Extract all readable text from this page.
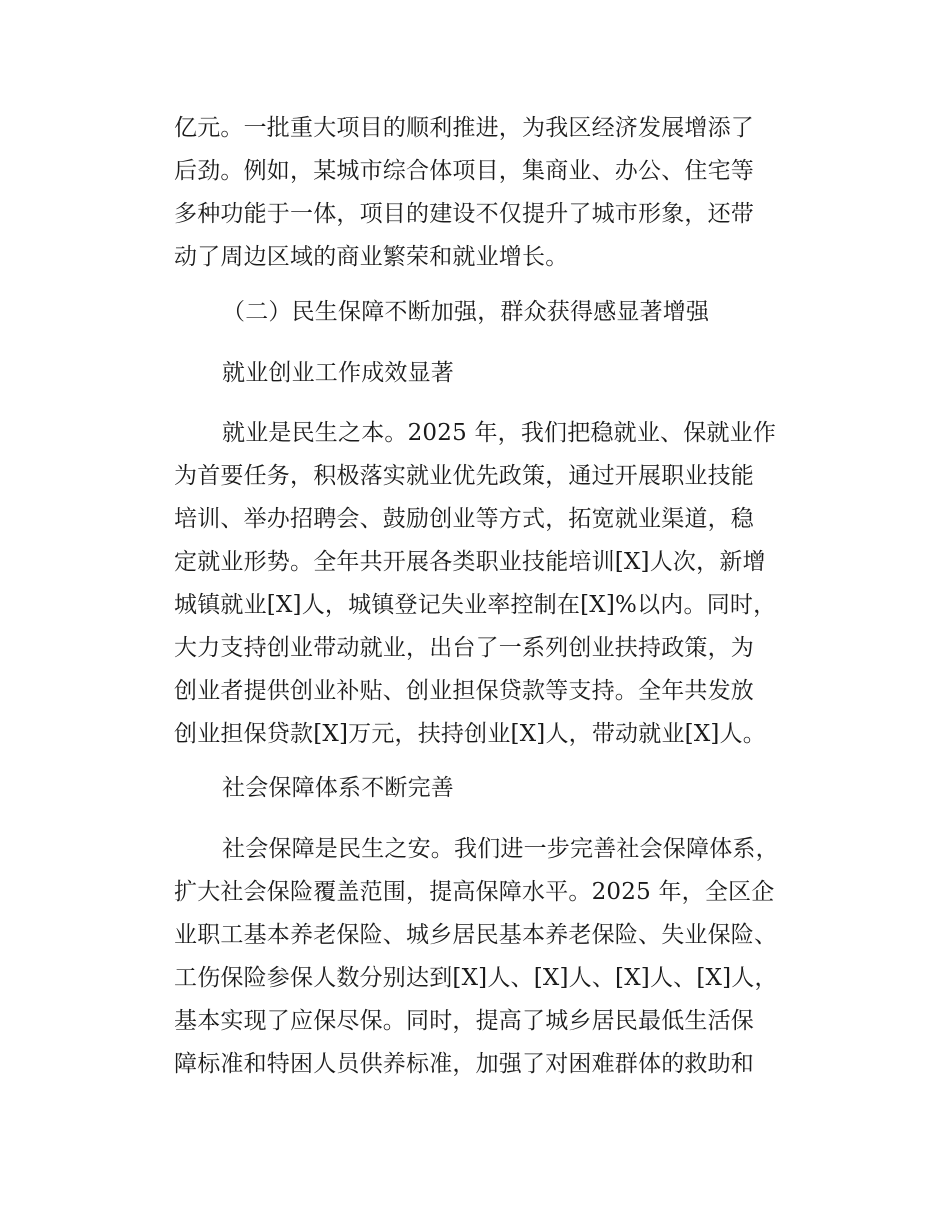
亿元。一批重大项目的顺利推进，为我区经济发展增添了
后劲。例如，某城市综合体项目，集商业、办公、住宅等
多种功能于一体，项目的建设不仅提升了城市形象，还带
动了周边区域的商业繁荣和就业增长。
（二）民生保障不断加强，群众获得感显著增强
就业创业工作成效显著
就业是民生之本。2025 年，我们把稳就业、保就业作
为首要任务，积极落实就业优先政策，通过开展职业技能
培训、举办招聘会、鼓励创业等方式，拓宽就业渠道，稳
定就业形势。全年共开展各类职业技能培训[X]人次，新增
城镇就业[X]人，城镇登记失业率控制在[X]%以内。同时，
大力支持创业带动就业，出台了一系列创业扶持政策，为
创业者提供创业补贴、创业担保贷款等支持。全年共发放
创业担保贷款[X]万元，扶持创业[X]人，带动就业[X]人。
社会保障体系不断完善
社会保障是民生之安。我们进一步完善社会保障体系，
扩大社会保险覆盖范围，提高保障水平。2025 年，全区企
业职工基本养老保险、城乡居民基本养老保险、失业保险、
工伤保险参保人数分别达到[X]人、[X]人、[X]人、[X]人，
基本实现了应保尽保。同时，提高了城乡居民最低生活保
障标准和特困人员供养标准，加强了对困难群体的救助和
